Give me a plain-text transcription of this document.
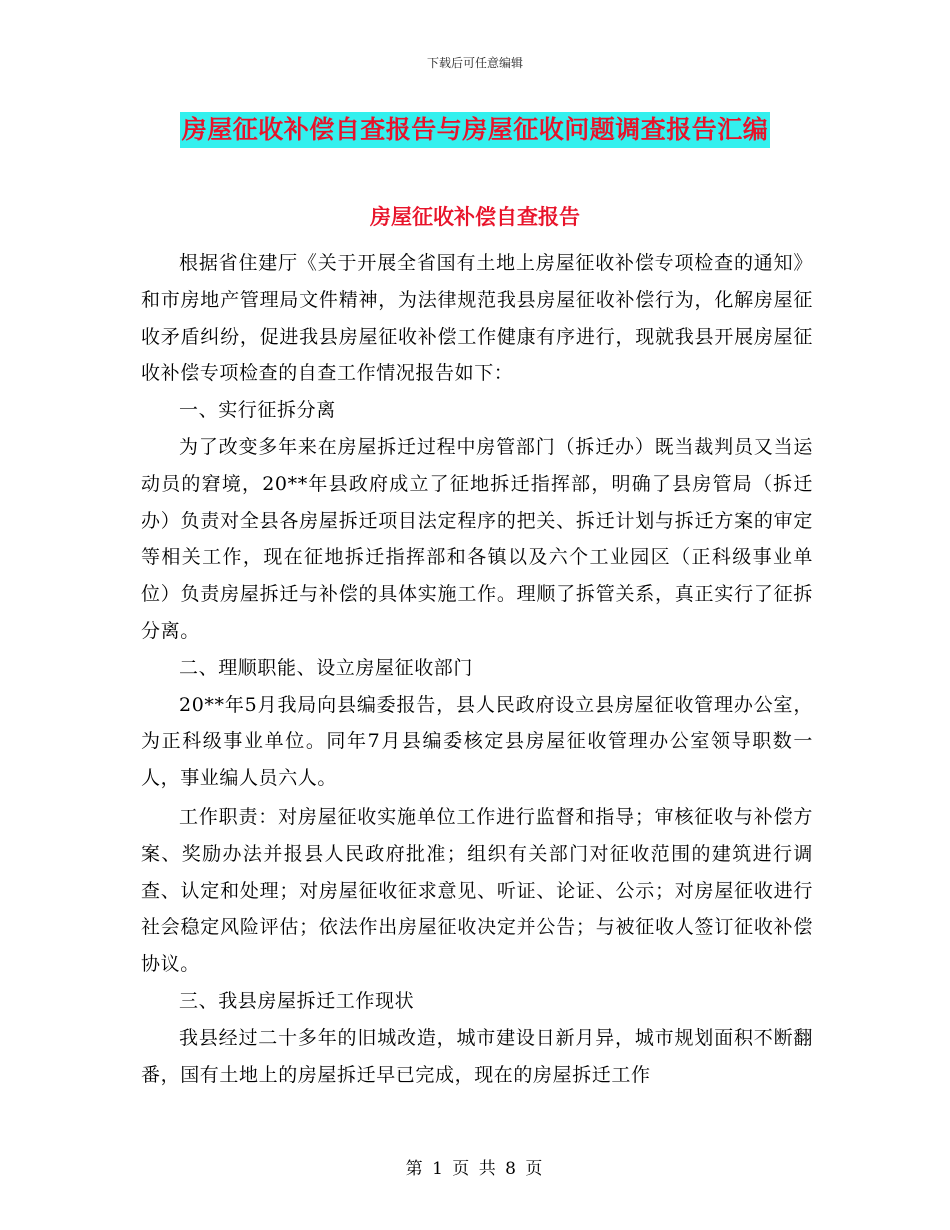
下载后可任意编辑
房屋征收补偿自查报告与房屋征收问题调查报告汇编
房屋征收补偿自查报告

根据省住建厅《关于开展全省国有土地上房屋征收补偿专项检查的通知》和市房地产管理局文件精神，为法律规范我县房屋征收补偿行为，化解房屋征收矛盾纠纷，促进我县房屋征收补偿工作健康有序进行，现就我县开展房屋征收补偿专项检查的自查工作情况报告如下：

一、实行征拆分离

为了改变多年来在房屋拆迁过程中房管部门（拆迁办）既当裁判员又当运动员的窘境，20**年县政府成立了征地拆迁指挥部，明确了县房管局（拆迁办）负责对全县各房屋拆迁项目法定程序的把关、拆迁计划与拆迁方案的审定等相关工作，现在征地拆迁指挥部和各镇以及六个工业园区（正科级事业单位）负责房屋拆迁与补偿的具体实施工作。理顺了拆管关系，真正实行了征拆分离。

二、理顺职能、设立房屋征收部门

20**年5月我局向县编委报告，县人民政府设立县房屋征收管理办公室，为正科级事业单位。同年7月县编委核定县房屋征收管理办公室领导职数一人，事业编人员六人。

工作职责：对房屋征收实施单位工作进行监督和指导；审核征收与补偿方案、奖励办法并报县人民政府批准；组织有关部门对征收范围的建筑进行调查、认定和处理；对房屋征收征求意见、听证、论证、公示；对房屋征收进行社会稳定风险评估；依法作出房屋征收决定并公告；与被征收人签订征收补偿协议。

三、我县房屋拆迁工作现状

我县经过二十多年的旧城改造，城市建设日新月异，城市规划面积不断翻番，国有土地上的房屋拆迁早已完成，现在的房屋拆迁工作

第 1 页 共 8 页
